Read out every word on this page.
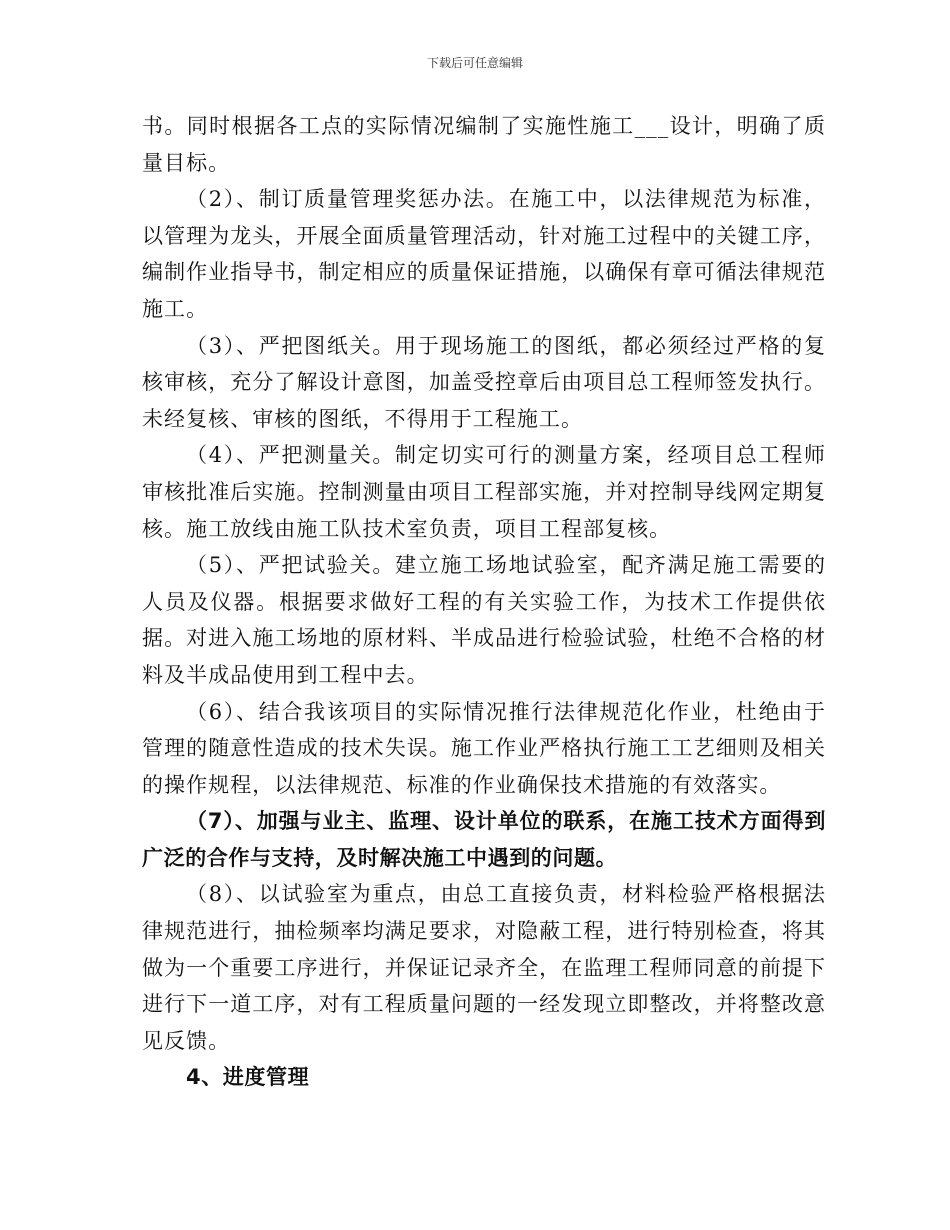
下载后可任意编辑

书。同时根据各工点的实际情况编制了实施性施工___设计，明确了质量目标。

（2）、制订质量管理奖惩办法。在施工中，以法律规范为标准，以管理为龙头，开展全面质量管理活动，针对施工过程中的关键工序，编制作业指导书，制定相应的质量保证措施，以确保有章可循法律规范施工。

（3）、严把图纸关。用于现场施工的图纸，都必须经过严格的复核审核，充分了解设计意图，加盖受控章后由项目总工程师签发执行。未经复核、审核的图纸，不得用于工程施工。

（4）、严把测量关。制定切实可行的测量方案，经项目总工程师审核批准后实施。控制测量由项目工程部实施，并对控制导线网定期复核。施工放线由施工队技术室负责，项目工程部复核。

（5）、严把试验关。建立施工场地试验室，配齐满足施工需要的人员及仪器。根据要求做好工程的有关实验工作，为技术工作提供依据。对进入施工场地的原材料、半成品进行检验试验，杜绝不合格的材料及半成品使用到工程中去。

（6）、结合我该项目的实际情况推行法律规范化作业，杜绝由于管理的随意性造成的技术失误。施工作业严格执行施工工艺细则及相关的操作规程，以法律规范、标准的作业确保技术措施的有效落实。

（7）、加强与业主、监理、设计单位的联系，在施工技术方面得到广泛的合作与支持，及时解决施工中遇到的问题。

（8）、以试验室为重点，由总工直接负责，材料检验严格根据法律规范进行，抽检频率均满足要求，对隐蔽工程，进行特别检查，将其做为一个重要工序进行，并保证记录齐全，在监理工程师同意的前提下进行下一道工序，对有工程质量问题的一经发现立即整改，并将整改意见反馈。

4、进度管理
